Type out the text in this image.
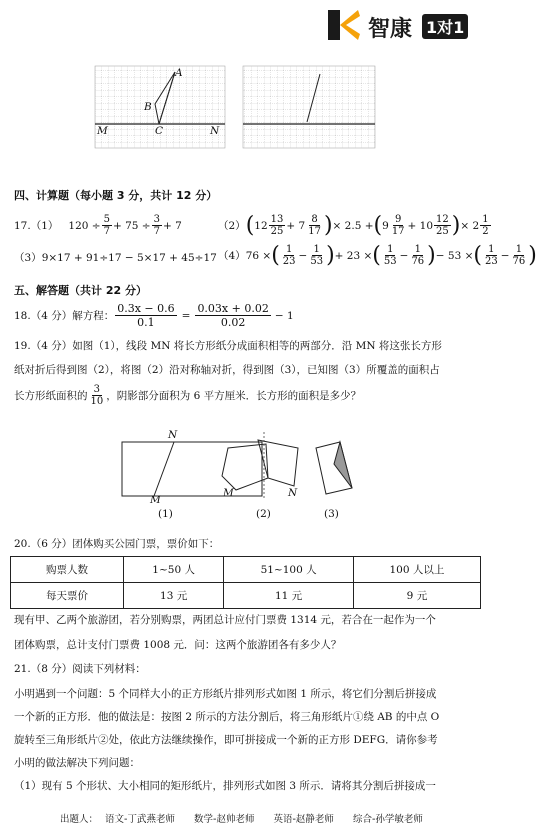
智康 1对1
A
B
C
M	N
四、计算题（每小题 3 分，共计 12 分）
17.（1） $120 \div \frac{5}{7} + 75 \div \frac{3}{7} + 7$	（2） ( $12 \frac{13}{25} + 7 \frac{8}{17}$ ) × 2.5 + ( $9 \frac{9}{17} + 10 \frac{12}{25}$ ) × $2 \frac{1}{2}$
（3） 9×17 + 91÷17 − 5×17 + 45÷17 （4） 76 × ( $\frac{1}{23} - \frac{1}{53}$ ) + 23 × ( $\frac{1}{53} - \frac{1}{76}$ ) − 53 × ( $\frac{1}{23} - \frac{1}{76}$ )
五、解答题（共计 22 分）
18.（4 分）解方程： $\frac{0.3x - 0.6}{0.1} = \frac{0.03x + 0.02}{0.02} - 1$
19.（4 分）如图（1），线段 MN 将长方形纸分成面积相等的两部分．沿 MN 将这张长方形
纸对折后得到图（2），将图（2）沿对称轴对折，得到图（3），已知图（3）所覆盖的面积占
长方形纸面积的 $\frac{3}{10}$ ，阴影部分面积为 6 平方厘米．长方形的面积是多少？
N
M
M	N
(1)	(2)	(3)
20.（6 分）团体购买公园门票，票价如下：
购票人数	1~50 人	51~100 人	100 人以上
每天票价	13 元	11 元	9 元
现有甲、乙两个旅游团，若分别购票，两团总计应付门票费 1314 元，若合在一起作为一个
团体购票，总计支付门票费 1008 元．问：这两个旅游团各有多少人？
21.（8 分）阅读下列材料：
小明遇到一个问题：5 个同样大小的正方形纸片排列形式如图 1 所示，将它们分割后拼接成
一个新的正方形．他的做法是：按图 2 所示的方法分割后，将三角形纸片①绕 AB 的中点 O
旋转至三角形纸片②处，依此方法继续操作，即可拼接成一个新的正方形 DEFG．请你参考
小明的做法解决下列问题：
（1）现有 5 个形状、大小相同的矩形纸片，排列形式如图 3 所示．请将其分割后拼接成一
出题人： 语文-丁武燕老师 数学-赵帅老师 英语-赵静老师 综合-孙学敏老师
